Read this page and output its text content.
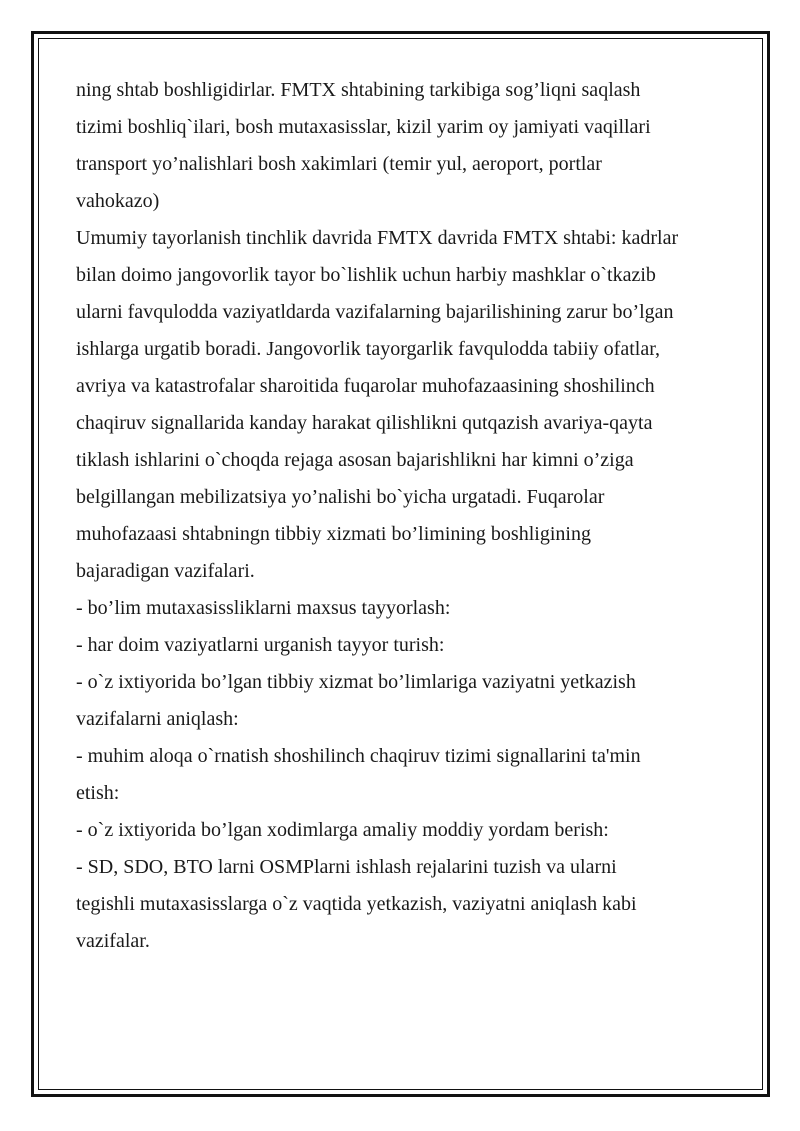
ning shtab boshligidirlar. FMTX shtabining tarkibiga sog’liqni saqlash
tizimi boshliq`ilari, bosh mutaxasisslar, kizil yarim oy jamiyati vaqillari
transport yo’nalishlari bosh xakimlari (temir yul, aeroport, portlar
vahokazo)
Umumiy tayorlanish tinchlik davrida FMTX davrida FMTX shtabi: kadrlar
bilan doimo jangovorlik tayor bo`lishlik uchun harbiy mashklar o`tkazib
ularni favqulodda vaziyatldarda vazifalarning bajarilishining zarur bo’lgan
ishlarga urgatib boradi. Jangovorlik tayorgarlik favqulodda tabiiy ofatlar,
avriya va katastrofalar sharoitida fuqarolar muhofazaasining shoshilinch
chaqiruv signallarida kanday harakat qilishlikni qutqazish avariya-qayta
tiklash ishlarini o`choqda rejaga asosan bajarishlikni har kimni o’ziga
belgillangan mebilizatsiya yo’nalishi bo`yicha urgatadi. Fuqarolar
muhofazaasi shtabningn tibbiy xizmati bo’limining boshligining
bajaradigan vazifalari.
- bo’lim mutaxasissliklarni maxsus tayyorlash:
- har doim vaziyatlarni urganish tayyor turish:
- o`z ixtiyorida bo’lgan tibbiy xizmat bo’limlariga vaziyatni yetkazish
vazifalarni aniqlash:
- muhim aloqa o`rnatish shoshilinch chaqiruv tizimi signallarini ta'min
etish:
- o`z ixtiyorida bo’lgan xodimlarga amaliy moddiy yordam berish:
- SD, SDO, BTO larni OSMPlarni ishlash rejalarini tuzish va ularni
tegishli mutaxasisslarga o`z vaqtida yetkazish, vaziyatni aniqlash kabi
vazifalar.
